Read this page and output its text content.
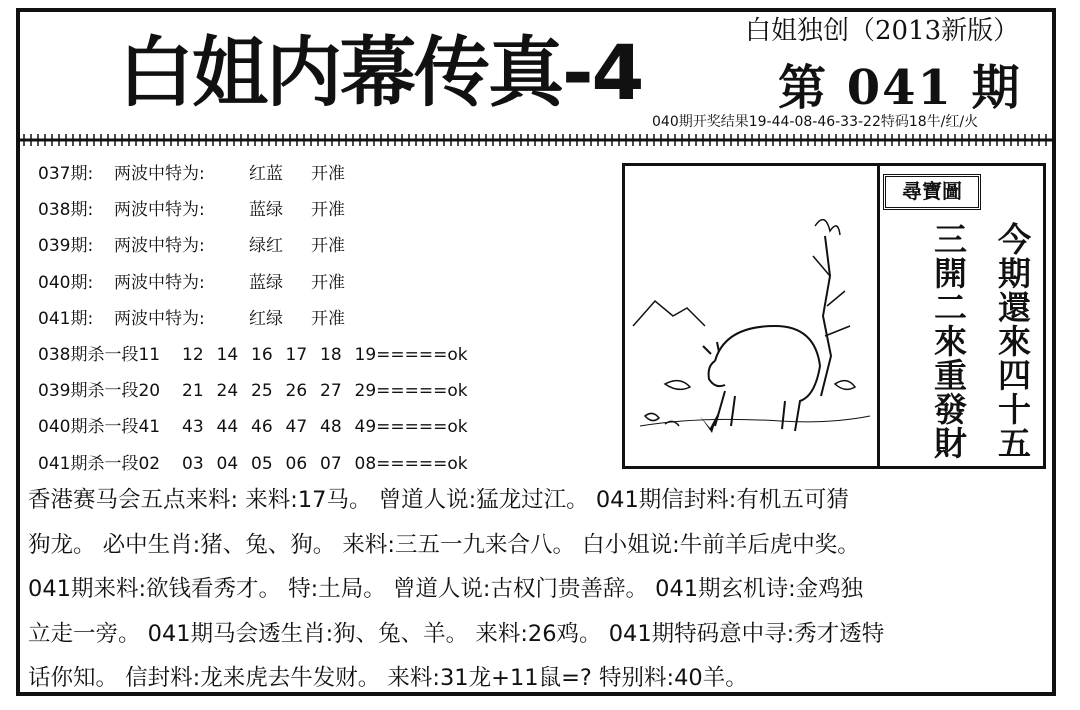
白姐内幕传真-4	白姐独创（2013新版）
第 041 期
040期开奖结果19-44-08-46-33-22特码18牛/红/火
037期: 两波中特为:	红蓝 开准
038期: 两波中特为:	蓝绿 开准
039期: 两波中特为:	绿红 开准
040期: 两波中特为:	蓝绿 开准
041期: 两波中特为:	红绿 开准
038期杀一段11 12 14 16 17 18 19=====ok
039期杀一段20 21 24 25 26 27 29=====ok
040期杀一段41 43 44 46 47 48 49=====ok
041期杀一段02 03 04 05 06 07 08=====ok
尋寶圖
今期還來四十五
三開二來重發財
香港赛马会五点来料: 来料:17马。 曾道人说:猛龙过江。 041期信封料:有机五可猜
狗龙。 必中生肖:猪、兔、狗。 来料:三五一九来合八。 白小姐说:牛前羊后虎中奖。
041期来料:欲钱看秀才。 特:土局。 曾道人说:古权门贵善辞。 041期玄机诗:金鸡独
立走一旁。 041期马会透生肖:狗、兔、羊。 来料:26鸡。 041期特码意中寻:秀才透特
话你知。 信封料:龙来虎去牛发财。 来料:31龙+11鼠=? 特别料:40羊。
